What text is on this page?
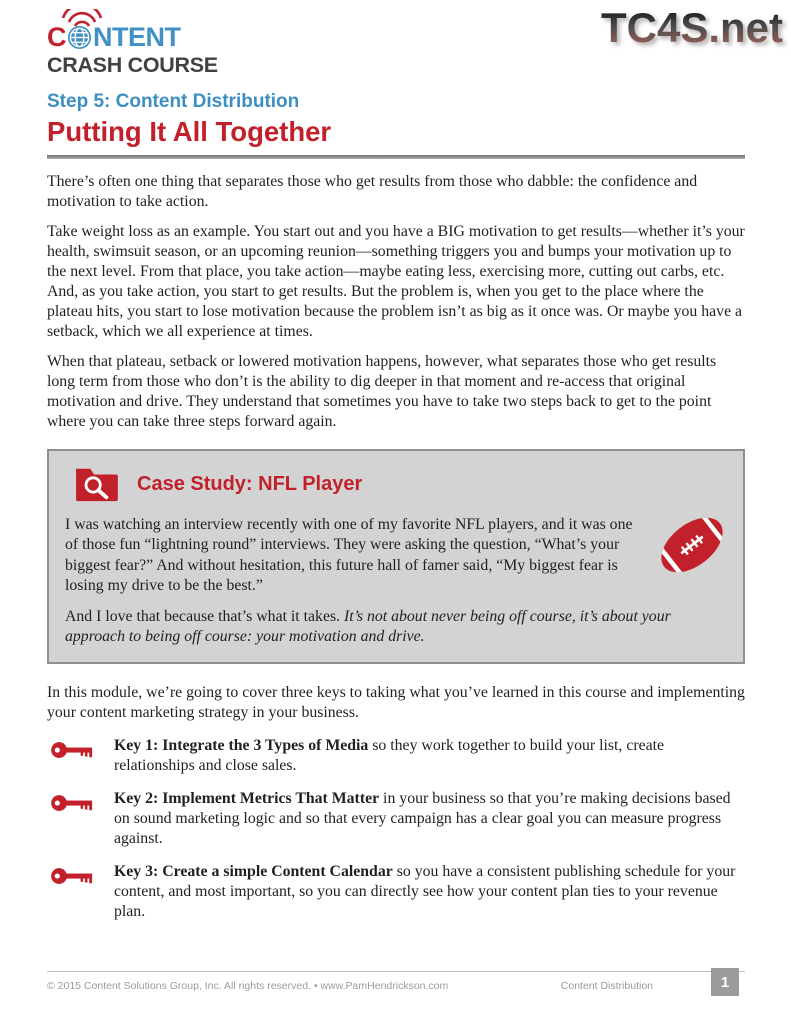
TC4S.net
C NTENT
CRASH COURSE
Step 5: Content Distribution
Putting It All Together

There’s often one thing that separates those who get results from those who dabble: the confidence and motivation to take action.

Take weight loss as an example. You start out and you have a BIG motivation to get results—whether it’s your health, swimsuit season, or an upcoming reunion—something triggers you and bumps your motivation up to the next level. From that place, you take action—maybe eating less, exercising more, cutting out carbs, etc. And, as you take action, you start to get results. But the problem is, when you get to the place where the plateau hits, you start to lose motivation because the problem isn’t as big as it once was. Or maybe you have a setback, which we all experience at times.

When that plateau, setback or lowered motivation happens, however, what separates those who get results long term from those who don’t is the ability to dig deeper in that moment and re-access that original motivation and drive. They understand that sometimes you have to take two steps back to get to the point where you can take three steps forward again.

Case Study: NFL Player

I was watching an interview recently with one of my favorite NFL players, and it was one of those fun “lightning round” interviews. They were asking the question, “What’s your biggest fear?” And without hesitation, this future hall of famer said, “My biggest fear is losing my drive to be the best.”

And I love that because that’s what it takes. It’s not about never being off course, it’s about your approach to being off course: your motivation and drive.

In this module, we’re going to cover three keys to taking what you’ve learned in this course and implementing your content marketing strategy in your business.

Key 1: Integrate the 3 Types of Media so they work together to build your list, create relationships and close sales.
Key 2: Implement Metrics That Matter in your business so that you’re making decisions based on sound marketing logic and so that every campaign has a clear goal you can measure progress against.
Key 3: Create a simple Content Calendar so you have a consistent publishing schedule for your content, and most important, so you can directly see how your content plan ties to your revenue plan.
© 2015 Content Solutions Group, Inc. All rights reserved. • www.PamHendrickson.com	Content Distribution	1
